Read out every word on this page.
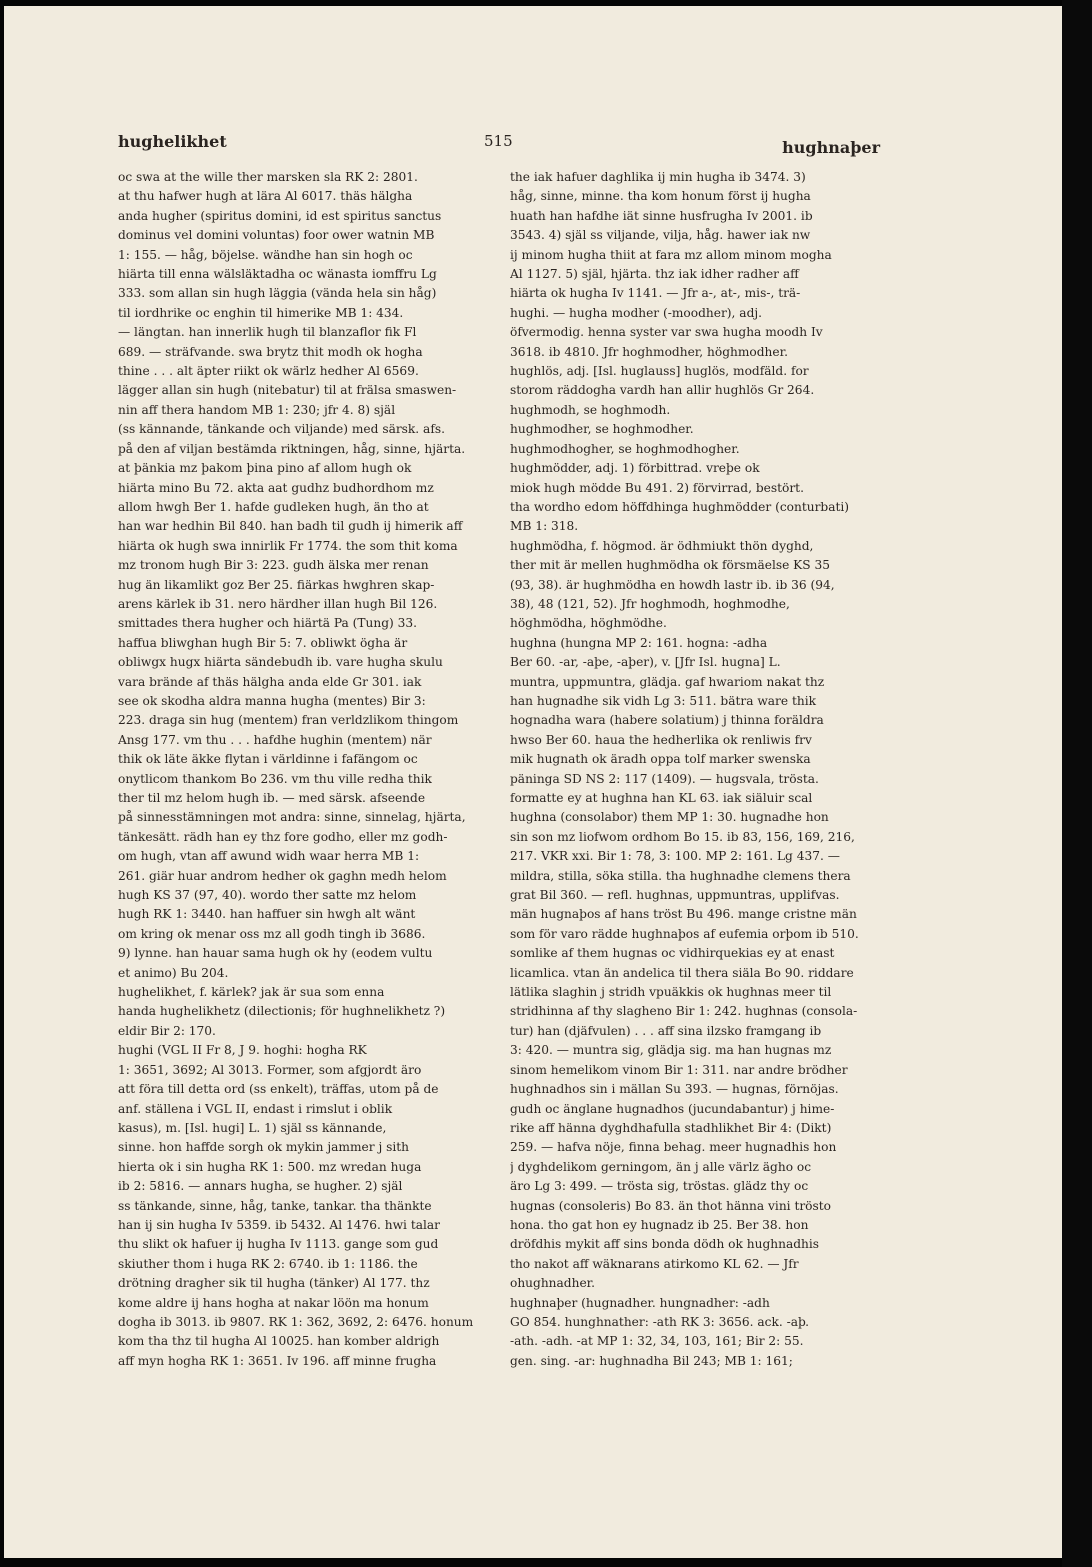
hughelikhet	515	hughnaþer
oc swa at the wille ther marsken sla RK 2: 2801.
at thu hafwer hugh at lära Al 6017. thäs hälgha
anda hugher (spiritus domini, id est spiritus sanctus
dominus vel domini voluntas) foor ower watnin MB
1: 155. — håg, böjelse. wändhe han sin hogh oc
hiärta till enna wälsläktadha oc wänasta iomffru Lg
333. som allan sin hugh läggia (vända hela sin håg)
til iordhrike oc enghin til himerike MB 1: 434.
— längtan. han innerlik hugh til blanzaflor fik Fl
689. — sträfvande. swa brytz thit modh ok hogha
thine . . . alt äpter riikt ok wärlz hedher Al 6569.
lägger allan sin hugh (nitebatur) til at frälsa smaswen-
nin aff thera handom MB 1: 230; jfr 4. 8) själ
(ss kännande, tänkande och viljande) med särsk. afs.
på den af viljan bestämda riktningen, håg, sinne, hjärta.
at þänkia mz þakom þina pino af allom hugh ok
hiärta mino Bu 72. akta aat gudhz budhordhom mz
allom hwgh Ber 1. hafde gudleken hugh, än tho at
han war hedhin Bil 840. han badh til gudh ij himerik aff
hiärta ok hugh swa innirlik Fr 1774. the som thit koma
mz tronom hugh Bir 3: 223. gudh älska mer renan
hug än likamlikt goz Ber 25. fiärkas hwghren skap-
arens kärlek ib 31. nero härdher illan hugh Bil 126.
smittades thera hugher och hiärtä Pa (Tung) 33.
haffua bliwghan hugh Bir 5: 7. obliwkt ögha är
obliwgx hugx hiärta sändebudh ib. vare hugha skulu
vara brände af thäs hälgha anda elde Gr 301. iak
see ok skodha aldra manna hugha (mentes) Bir 3:
223. draga sin hug (mentem) fran verldzlikom thingom
Ansg 177. vm thu . . . hafdhe hughin (mentem) när
thik ok läte äkke flytan i världinne i fafängom oc
onytlicom thankom Bo 236. vm thu ville redha thik
ther til mz helom hugh ib. — med särsk. afseende
på sinnesstämningen mot andra: sinne, sinnelag, hjärta,
tänkesätt. rädh han ey thz fore godho, eller mz godh-
om hugh, vtan aff awund widh waar herra MB 1:
261. giär huar androm hedher ok gaghn medh helom
hugh KS 37 (97, 40). wordo ther satte mz helom
hugh RK 1: 3440. han haffuer sin hwgh alt wänt
om kring ok menar oss mz all godh tingh ib 3686.
9) lynne. han hauar sama hugh ok hy (eodem vultu
et animo) Bu 204.
hughelikhet, f. kärlek? jak är sua som enna
handa hughelikhetz (dilectionis; för hughnelikhetz ?)
eldir Bir 2: 170.
hughi (VGL II Fr 8, J 9. hoghi: hogha RK
1: 3651, 3692; Al 3013. Former, som afgjordt äro
att föra till detta ord (ss enkelt), träffas, utom på de
anf. ställena i VGL II, endast i rimslut i oblik
kasus), m. [Isl. hugi] L. 1) själ ss kännande,
sinne. hon haffde sorgh ok mykin jammer j sith
hierta ok i sin hugha RK 1: 500. mz wredan huga
ib 2: 5816. — annars hugha, se hugher. 2) själ
ss tänkande, sinne, håg, tanke, tankar. tha thänkte
han ij sin hugha Iv 5359. ib 5432. Al 1476. hwi talar
thu slikt ok hafuer ij hugha Iv 1113. gange som gud
skiuther thom i huga RK 2: 6740. ib 1: 1186. the
drötning dragher sik til hugha (tänker) Al 177. thz
kome aldre ij hans hogha at nakar löön ma honum
dogha ib 3013. ib 9807. RK 1: 362, 3692, 2: 6476. honum
kom tha thz til hugha Al 10025. han komber aldrigh
aff myn hogha RK 1: 3651. Iv 196. aff minne frugha
the iak hafuer daghlika ij min hugha ib 3474. 3)
håg, sinne, minne. tha kom honum först ij hugha
huath han hafdhe iät sinne husfrugha Iv 2001. ib
3543. 4) själ ss viljande, vilja, håg. hawer iak nw
ij minom hugha thiit at fara mz allom minom mogha
Al 1127. 5) själ, hjärta. thz iak idher radher aff
hiärta ok hugha Iv 1141. — Jfr a-, at-, mis-, trä-
hughi. — hugha modher (-moodher), adj.
öfvermodig. henna syster var swa hugha moodh Iv
3618. ib 4810. Jfr hoghmodher, höghmodher.
hughlös, adj. [Isl. huglauss] huglös, modfäld. for
storom räddogha vardh han allir hughlös Gr 264.
hughmodh, se hoghmodh.
hughmodher, se hoghmodher.
hughmodhogher, se hoghmodhogher.
hughmödder, adj. 1) förbittrad. vreþe ok
miok hugh mödde Bu 491. 2) förvirrad, bestört.
tha wordho edom höffdhinga hughmödder (conturbati)
MB 1: 318.
hughmödha, f. högmod. är ödhmiukt thön dyghd,
ther mit är mellen hughmödha ok försmäelse KS 35
(93, 38). är hughmödha en howdh lastr ib. ib 36 (94,
38), 48 (121, 52). Jfr hoghmodh, hoghmodhe,
höghmödha, höghmödhe.
hughna (hungna MP 2: 161. hogna: -adha
Ber 60. -ar, -aþe, -aþer), v. [Jfr Isl. hugna] L.
muntra, uppmuntra, glädja. gaf hwariom nakat thz
han hugnadhe sik vidh Lg 3: 511. bätra ware thik
hognadha wara (habere solatium) j thinna foräldra
hwso Ber 60. haua the hedherlika ok renliwis frv
mik hugnath ok äradh oppa tolf marker swenska
päninga SD NS 2: 117 (1409). — hugsvala, trösta.
formatte ey at hughna han KL 63. iak siäluir scal
hughna (consolabor) them MP 1: 30. hugnadhe hon
sin son mz liofwom ordhom Bo 15. ib 83, 156, 169, 216,
217. VKR xxi. Bir 1: 78, 3: 100. MP 2: 161. Lg 437. —
mildra, stilla, söka stilla. tha hughnadhe clemens thera
grat Bil 360. — refl. hughnas, uppmuntras, upplifvas.
män hugnaþos af hans tröst Bu 496. mange cristne män
som för varo rädde hughnaþos af eufemia orþom ib 510.
somlike af them hugnas oc vidhirquekias ey at enast
licamlica. vtan än andelica til thera siäla Bo 90. riddare
lätlika slaghin j stridh vpuäkkis ok hughnas meer til
stridhinna af thy slagheno Bir 1: 242. hughnas (consola-
tur) han (djäfvulen) . . . aff sina ilzsko framgang ib
3: 420. — muntra sig, glädja sig. ma han hugnas mz
sinom hemelikom vinom Bir 1: 311. nar andre brödher
hughnadhos sin i mällan Su 393. — hugnas, förnöjas.
gudh oc änglane hugnadhos (jucundabantur) j hime-
rike aff hänna dyghdhafulla stadhlikhet Bir 4: (Dikt)
259. — hafva nöje, finna behag. meer hugnadhis hon
j dyghdelikom gerningom, än j alle värlz ägho oc
äro Lg 3: 499. — trösta sig, tröstas. glädz thy oc
hugnas (consoleris) Bo 83. än thot hänna vini trösto
hona. tho gat hon ey hugnadz ib 25. Ber 38. hon
dröfdhis mykit aff sins bonda dödh ok hughnadhis
tho nakot aff wäknarans atirkomo KL 62. — Jfr
ohughnadher.
hughnaþer (hugnadher. hungnadher: -adh
GO 854. hunghnather: -ath RK 3: 3656. ack. -aþ.
-ath. -adh. -at MP 1: 32, 34, 103, 161; Bir 2: 55.
gen. sing. -ar: hughnadha Bil 243; MB 1: 161;
